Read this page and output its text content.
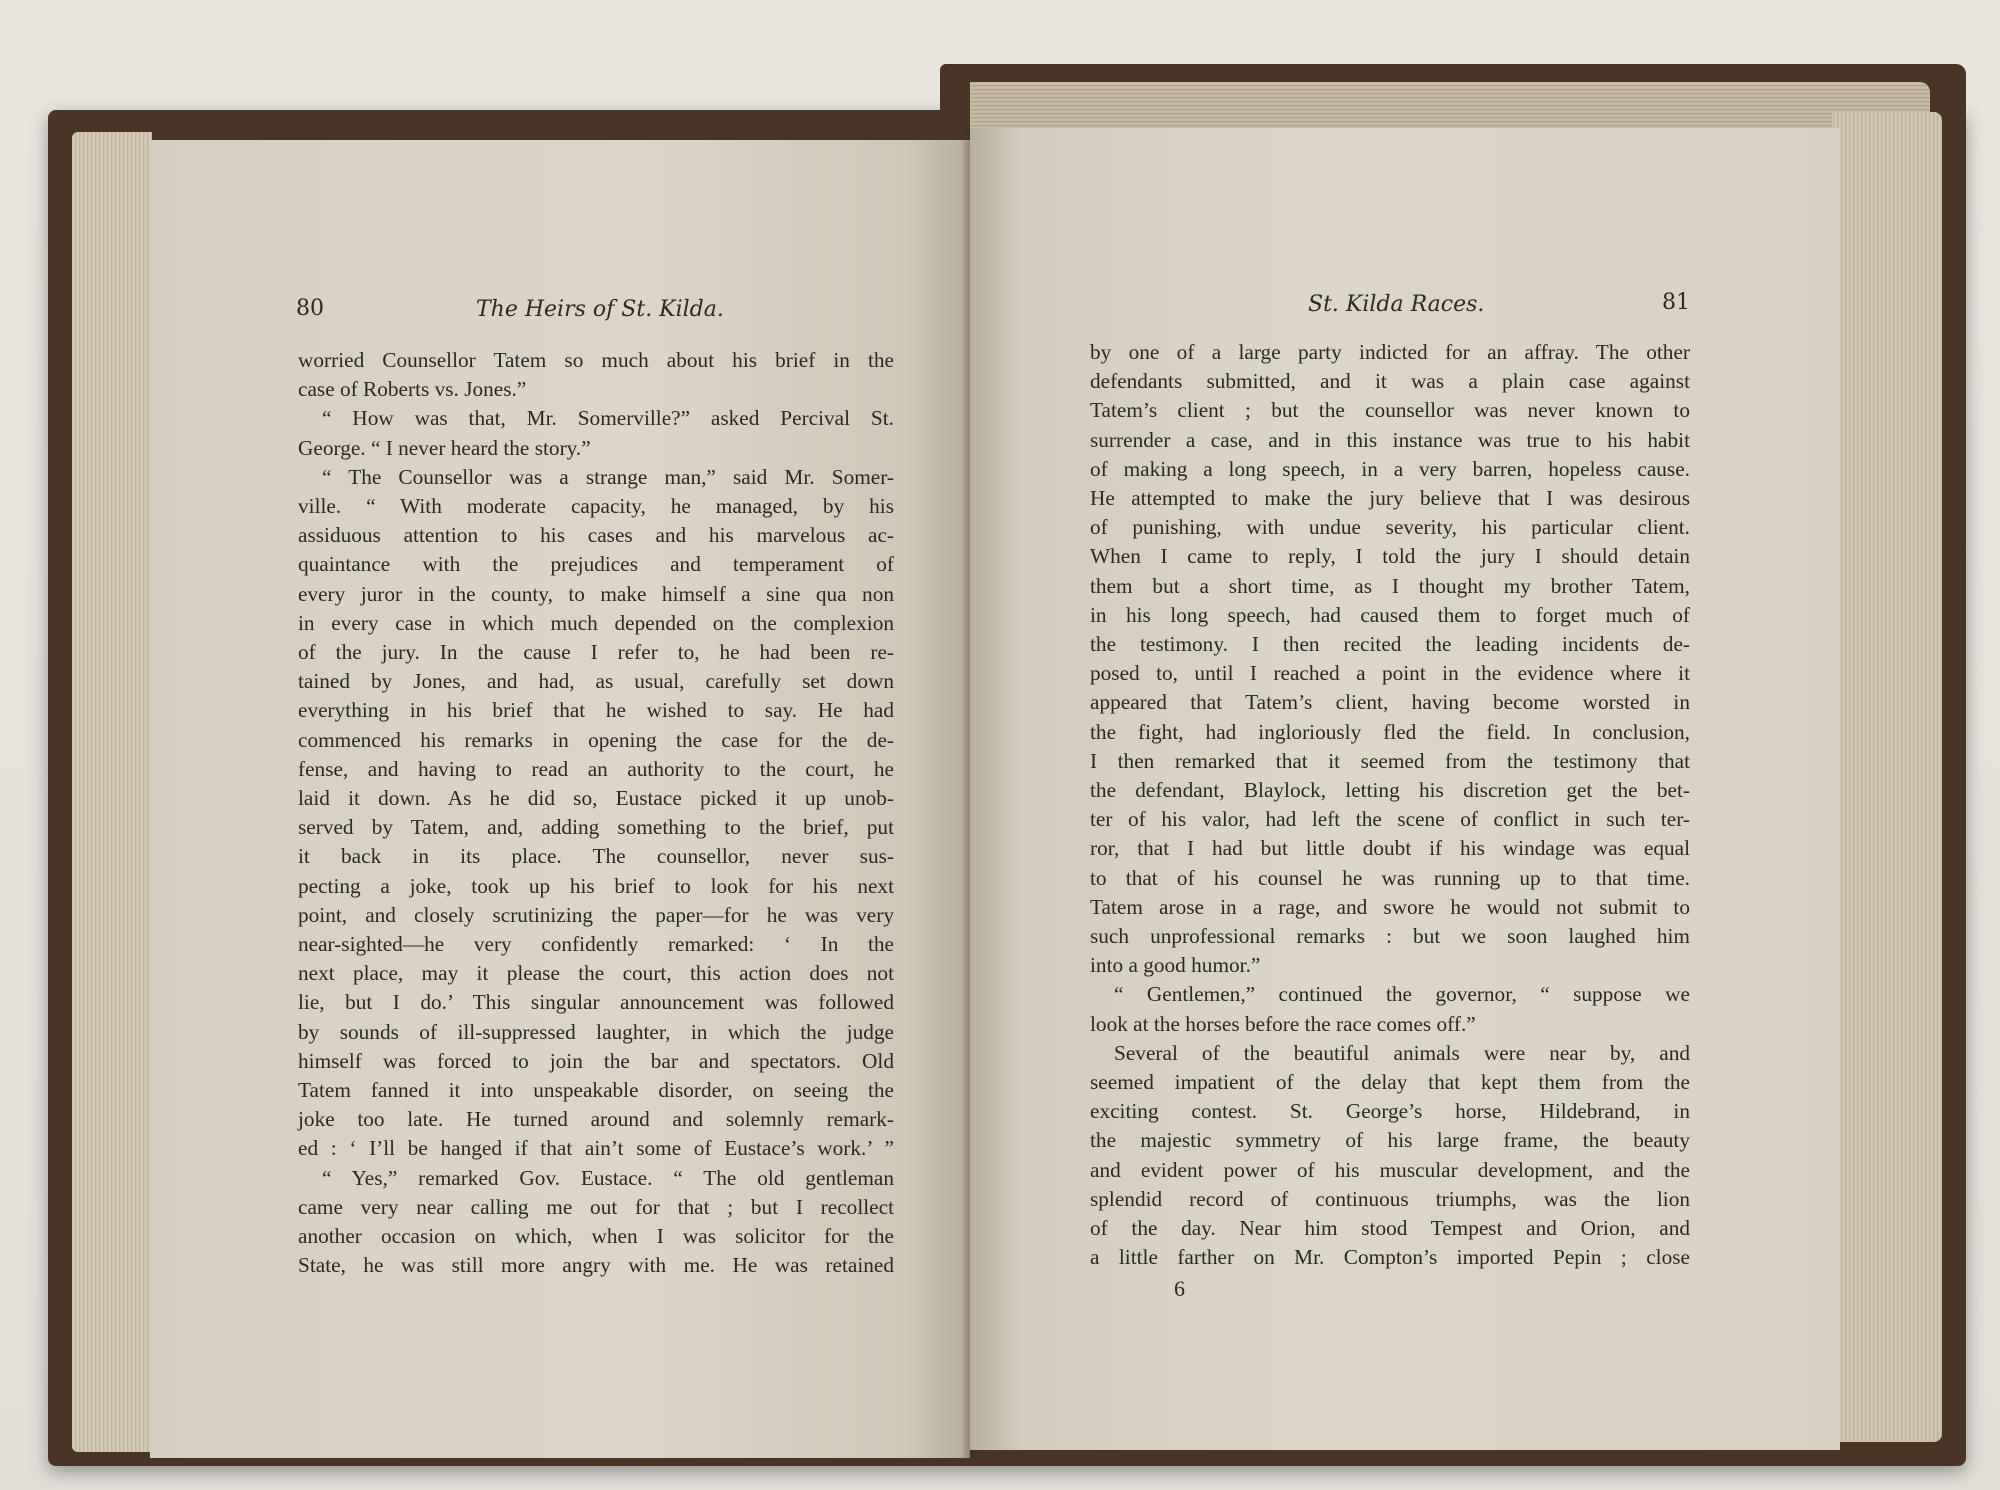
80	The Heirs of St. Kilda.
worried Counsellor Tatem so much about his brief in the
case of Roberts vs. Jones.”
“ How was that, Mr. Somerville?” asked Percival St.
George. “ I never heard the story.”
“ The Counsellor was a strange man,” said Mr. Somer-
ville. “ With moderate capacity, he managed, by his
assiduous attention to his cases and his marvelous ac-
quaintance with the prejudices and temperament of
every juror in the county, to make himself a sine qua non
in every case in which much depended on the complexion
of the jury. In the cause I refer to, he had been re-
tained by Jones, and had, as usual, carefully set down
everything in his brief that he wished to say. He had
commenced his remarks in opening the case for the de-
fense, and having to read an authority to the court, he
laid it down. As he did so, Eustace picked it up unob-
served by Tatem, and, adding something to the brief, put
it back in its place. The counsellor, never sus-
pecting a joke, took up his brief to look for his next
point, and closely scrutinizing the paper—for he was very
near-sighted—he very confidently remarked: ‘ In the
next place, may it please the court, this action does not
lie, but I do.’ This singular announcement was followed
by sounds of ill-suppressed laughter, in which the judge
himself was forced to join the bar and spectators. Old
Tatem fanned it into unspeakable disorder, on seeing the
joke too late. He turned around and solemnly remark-
ed : ‘ I’ll be hanged if that ain’t some of Eustace’s work.’ ”
“ Yes,” remarked Gov. Eustace. “ The old gentleman
came very near calling me out for that ; but I recollect
another occasion on which, when I was solicitor for the
State, he was still more angry with me. He was retained
St. Kilda Races.	81
by one of a large party indicted for an affray. The other
defendants submitted, and it was a plain case against
Tatem’s client ; but the counsellor was never known to
surrender a case, and in this instance was true to his habit
of making a long speech, in a very barren, hopeless cause.
He attempted to make the jury believe that I was desirous
of punishing, with undue severity, his particular client.
When I came to reply, I told the jury I should detain
them but a short time, as I thought my brother Tatem,
in his long speech, had caused them to forget much of
the testimony. I then recited the leading incidents de-
posed to, until I reached a point in the evidence where it
appeared that Tatem’s client, having become worsted in
the fight, had ingloriously fled the field. In conclusion,
I then remarked that it seemed from the testimony that
the defendant, Blaylock, letting his discretion get the bet-
ter of his valor, had left the scene of conflict in such ter-
ror, that I had but little doubt if his windage was equal
to that of his counsel he was running up to that time.
Tatem arose in a rage, and swore he would not submit to
such unprofessional remarks : but we soon laughed him
into a good humor.”
“ Gentlemen,” continued the governor, “ suppose we
look at the horses before the race comes off.”
Several of the beautiful animals were near by, and
seemed impatient of the delay that kept them from the
exciting contest. St. George’s horse, Hildebrand, in
the majestic symmetry of his large frame, the beauty
and evident power of his muscular development, and the
splendid record of continuous triumphs, was the lion
of the day. Near him stood Tempest and Orion, and
a little farther on Mr. Compton’s imported Pepin ; close
6
